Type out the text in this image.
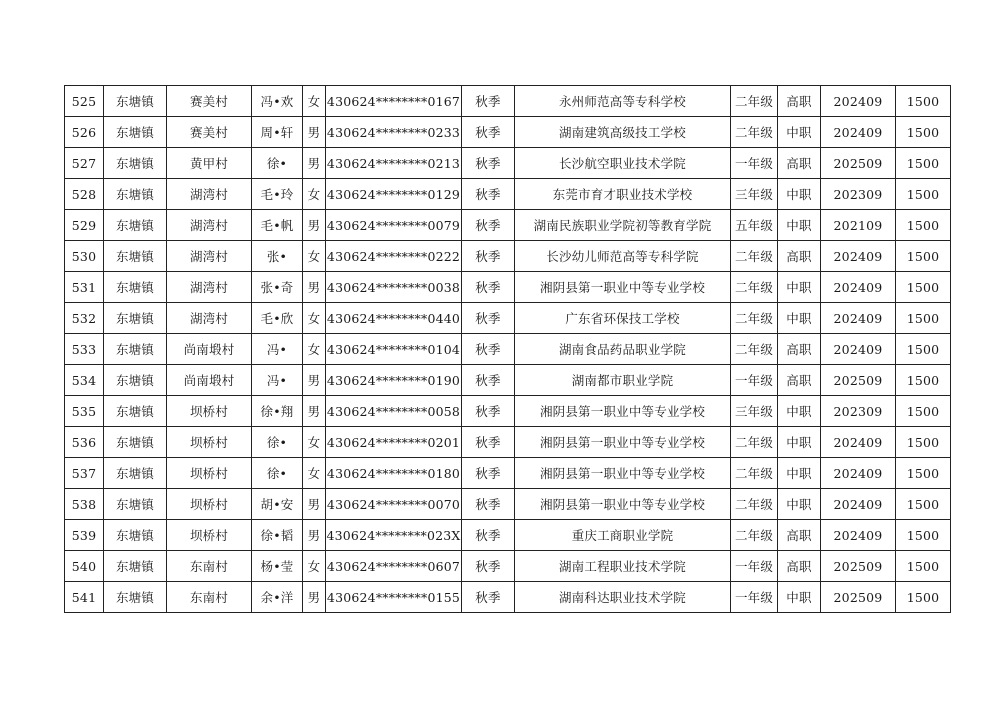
525	东塘镇	赛美村	冯•欢	女	430624********0167	秋季	永州师范高等专科学校	二年级	高职	202409	1500
526	东塘镇	赛美村	周•轩	男	430624********0233	秋季	湖南建筑高级技工学校	二年级	中职	202409	1500
527	东塘镇	黄甲村	徐•	男	430624********0213	秋季	长沙航空职业技术学院	一年级	高职	202509	1500
528	东塘镇	湖湾村	毛•玲	女	430624********0129	秋季	东莞市育才职业技术学校	三年级	中职	202309	1500
529	东塘镇	湖湾村	毛•帆	男	430624********0079	秋季	湖南民族职业学院初等教育学院	五年级	中职	202109	1500
530	东塘镇	湖湾村	张•	女	430624********0222	秋季	长沙幼儿师范高等专科学院	二年级	高职	202409	1500
531	东塘镇	湖湾村	张•奇	男	430624********0038	秋季	湘阴县第一职业中等专业学校	二年级	中职	202409	1500
532	东塘镇	湖湾村	毛•欣	女	430624********0440	秋季	广东省环保技工学校	二年级	中职	202409	1500
533	东塘镇	尚南塅村	冯•	女	430624********0104	秋季	湖南食品药品职业学院	二年级	高职	202409	1500
534	东塘镇	尚南塅村	冯•	男	430624********0190	秋季	湖南都市职业学院	一年级	高职	202509	1500
535	东塘镇	坝桥村	徐•翔	男	430624********0058	秋季	湘阴县第一职业中等专业学校	三年级	中职	202309	1500
536	东塘镇	坝桥村	徐•	女	430624********0201	秋季	湘阴县第一职业中等专业学校	二年级	中职	202409	1500
537	东塘镇	坝桥村	徐•	女	430624********0180	秋季	湘阴县第一职业中等专业学校	二年级	中职	202409	1500
538	东塘镇	坝桥村	胡•安	男	430624********0070	秋季	湘阴县第一职业中等专业学校	二年级	中职	202409	1500
539	东塘镇	坝桥村	徐•韬	男	430624********023X	秋季	重庆工商职业学院	二年级	高职	202409	1500
540	东塘镇	东南村	杨•莹	女	430624********0607	秋季	湖南工程职业技术学院	一年级	高职	202509	1500
541	东塘镇	东南村	余•洋	男	430624********0155	秋季	湖南科达职业技术学院	一年级	中职	202509	1500
